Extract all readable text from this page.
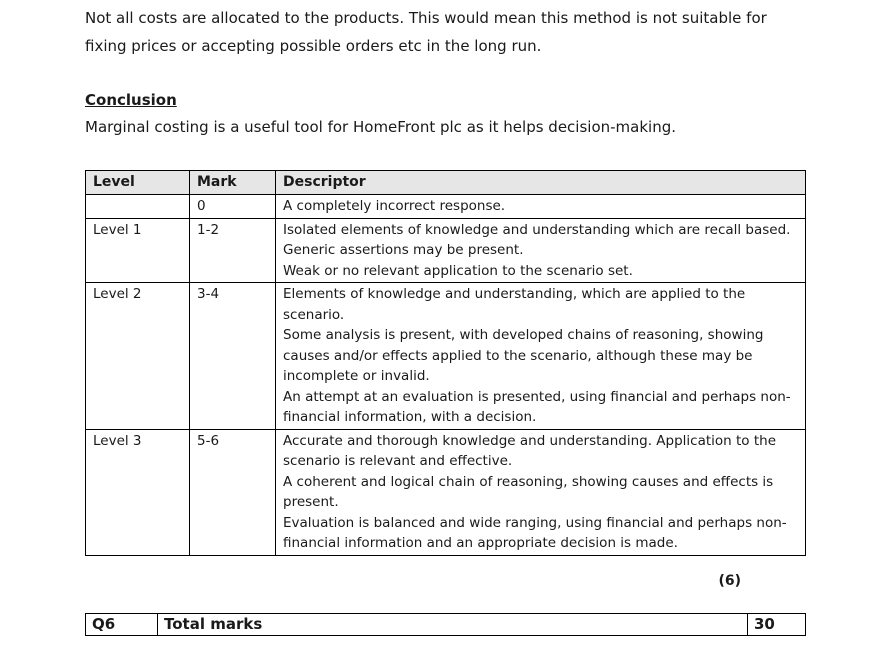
Not all costs are allocated to the products. This would mean this method is not suitable for
fixing prices or accepting possible orders etc in the long run.

Conclusion

Marginal costing is a useful tool for HomeFront plc as it helps decision-making.

Level	Mark	Descriptor
	0	A completely incorrect response.

Level 1	1-2	Isolated elements of knowledge and understanding which are recall based.
Generic assertions may be present.
Weak or no relevant application to the scenario set.

Level 2	3-4	Elements of knowledge and understanding, which are applied to the scenario.
Some analysis is present, with developed chains of reasoning, showing causes and/or effects applied to the scenario, although these may be incomplete or invalid.
An attempt at an evaluation is presented, using financial and perhaps non-financial information, with a decision.

Level 3	5-6	Accurate and thorough knowledge and understanding. Application to the scenario is relevant and effective.
A coherent and logical chain of reasoning, showing causes and effects is present.
Evaluation is balanced and wide ranging, using financial and perhaps non-financial information and an appropriate decision is made.
(6)
Q6	Total marks	30
